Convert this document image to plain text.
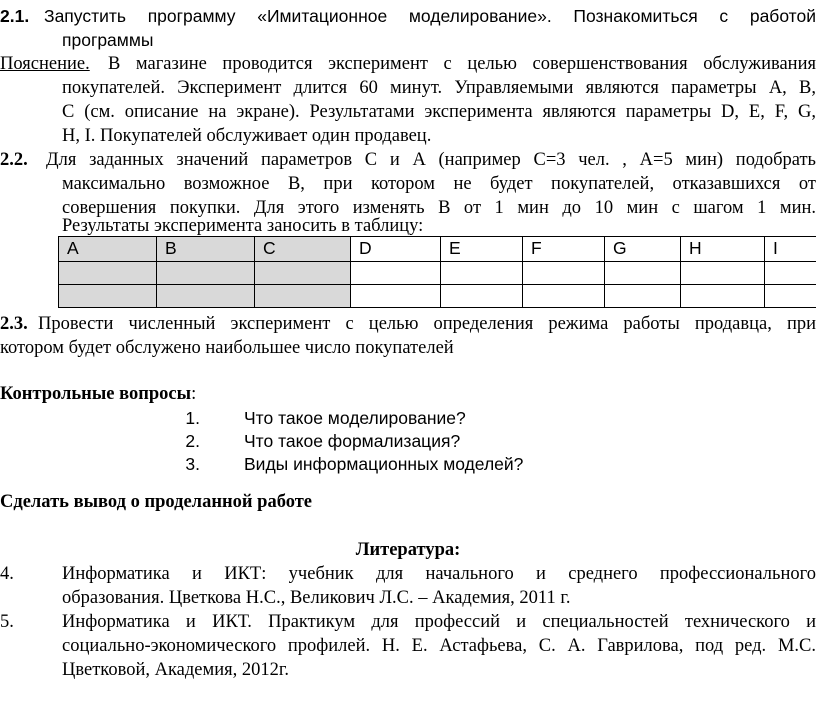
2.1. Запустить программу «Имитационное моделирование». Познакомиться с работой
программы
Пояснение. В магазине проводится эксперимент с целью совершенствования обслуживания
покупателей. Эксперимент длится 60 минут. Управляемыми являются параметры А, В,
С (см. описание на экране). Результатами эксперимента являются параметры D, E, F, G,
H, I. Покупателей обслуживает один продавец.
2.2. Для заданных значений параметров С и А (например С=3 чел. , А=5 мин) подобрать
максимально возможное В, при котором не будет покупателей, отказавшихся от
совершения покупки. Для этого изменять В от 1 мин до 10 мин с шагом 1 мин.
Результаты эксперимента заносить в таблицу:
А	В	С	D	E	F	G	H	I

2.3. Провести численный эксперимент с целью определения режима работы продавца, при
котором будет обслужено наибольшее число покупателей
Контрольные вопросы:
1.	Что такое моделирование?
2.	Что такое формализация?
3.	Виды информационных моделей?
Сделать вывод о проделанной работе
Литература:
4.	Информатика и ИКТ: учебник для начального и среднего профессионального
образования. Цветкова Н.С., Великович Л.С. – Академия, 2011 г.
5.	Информатика и ИКТ. Практикум для профессий и специальностей технического и
социально-экономического профилей. Н. Е. Астафьева, С. А. Гаврилова, под ред. М.С.
Цветковой, Академия, 2012г.
